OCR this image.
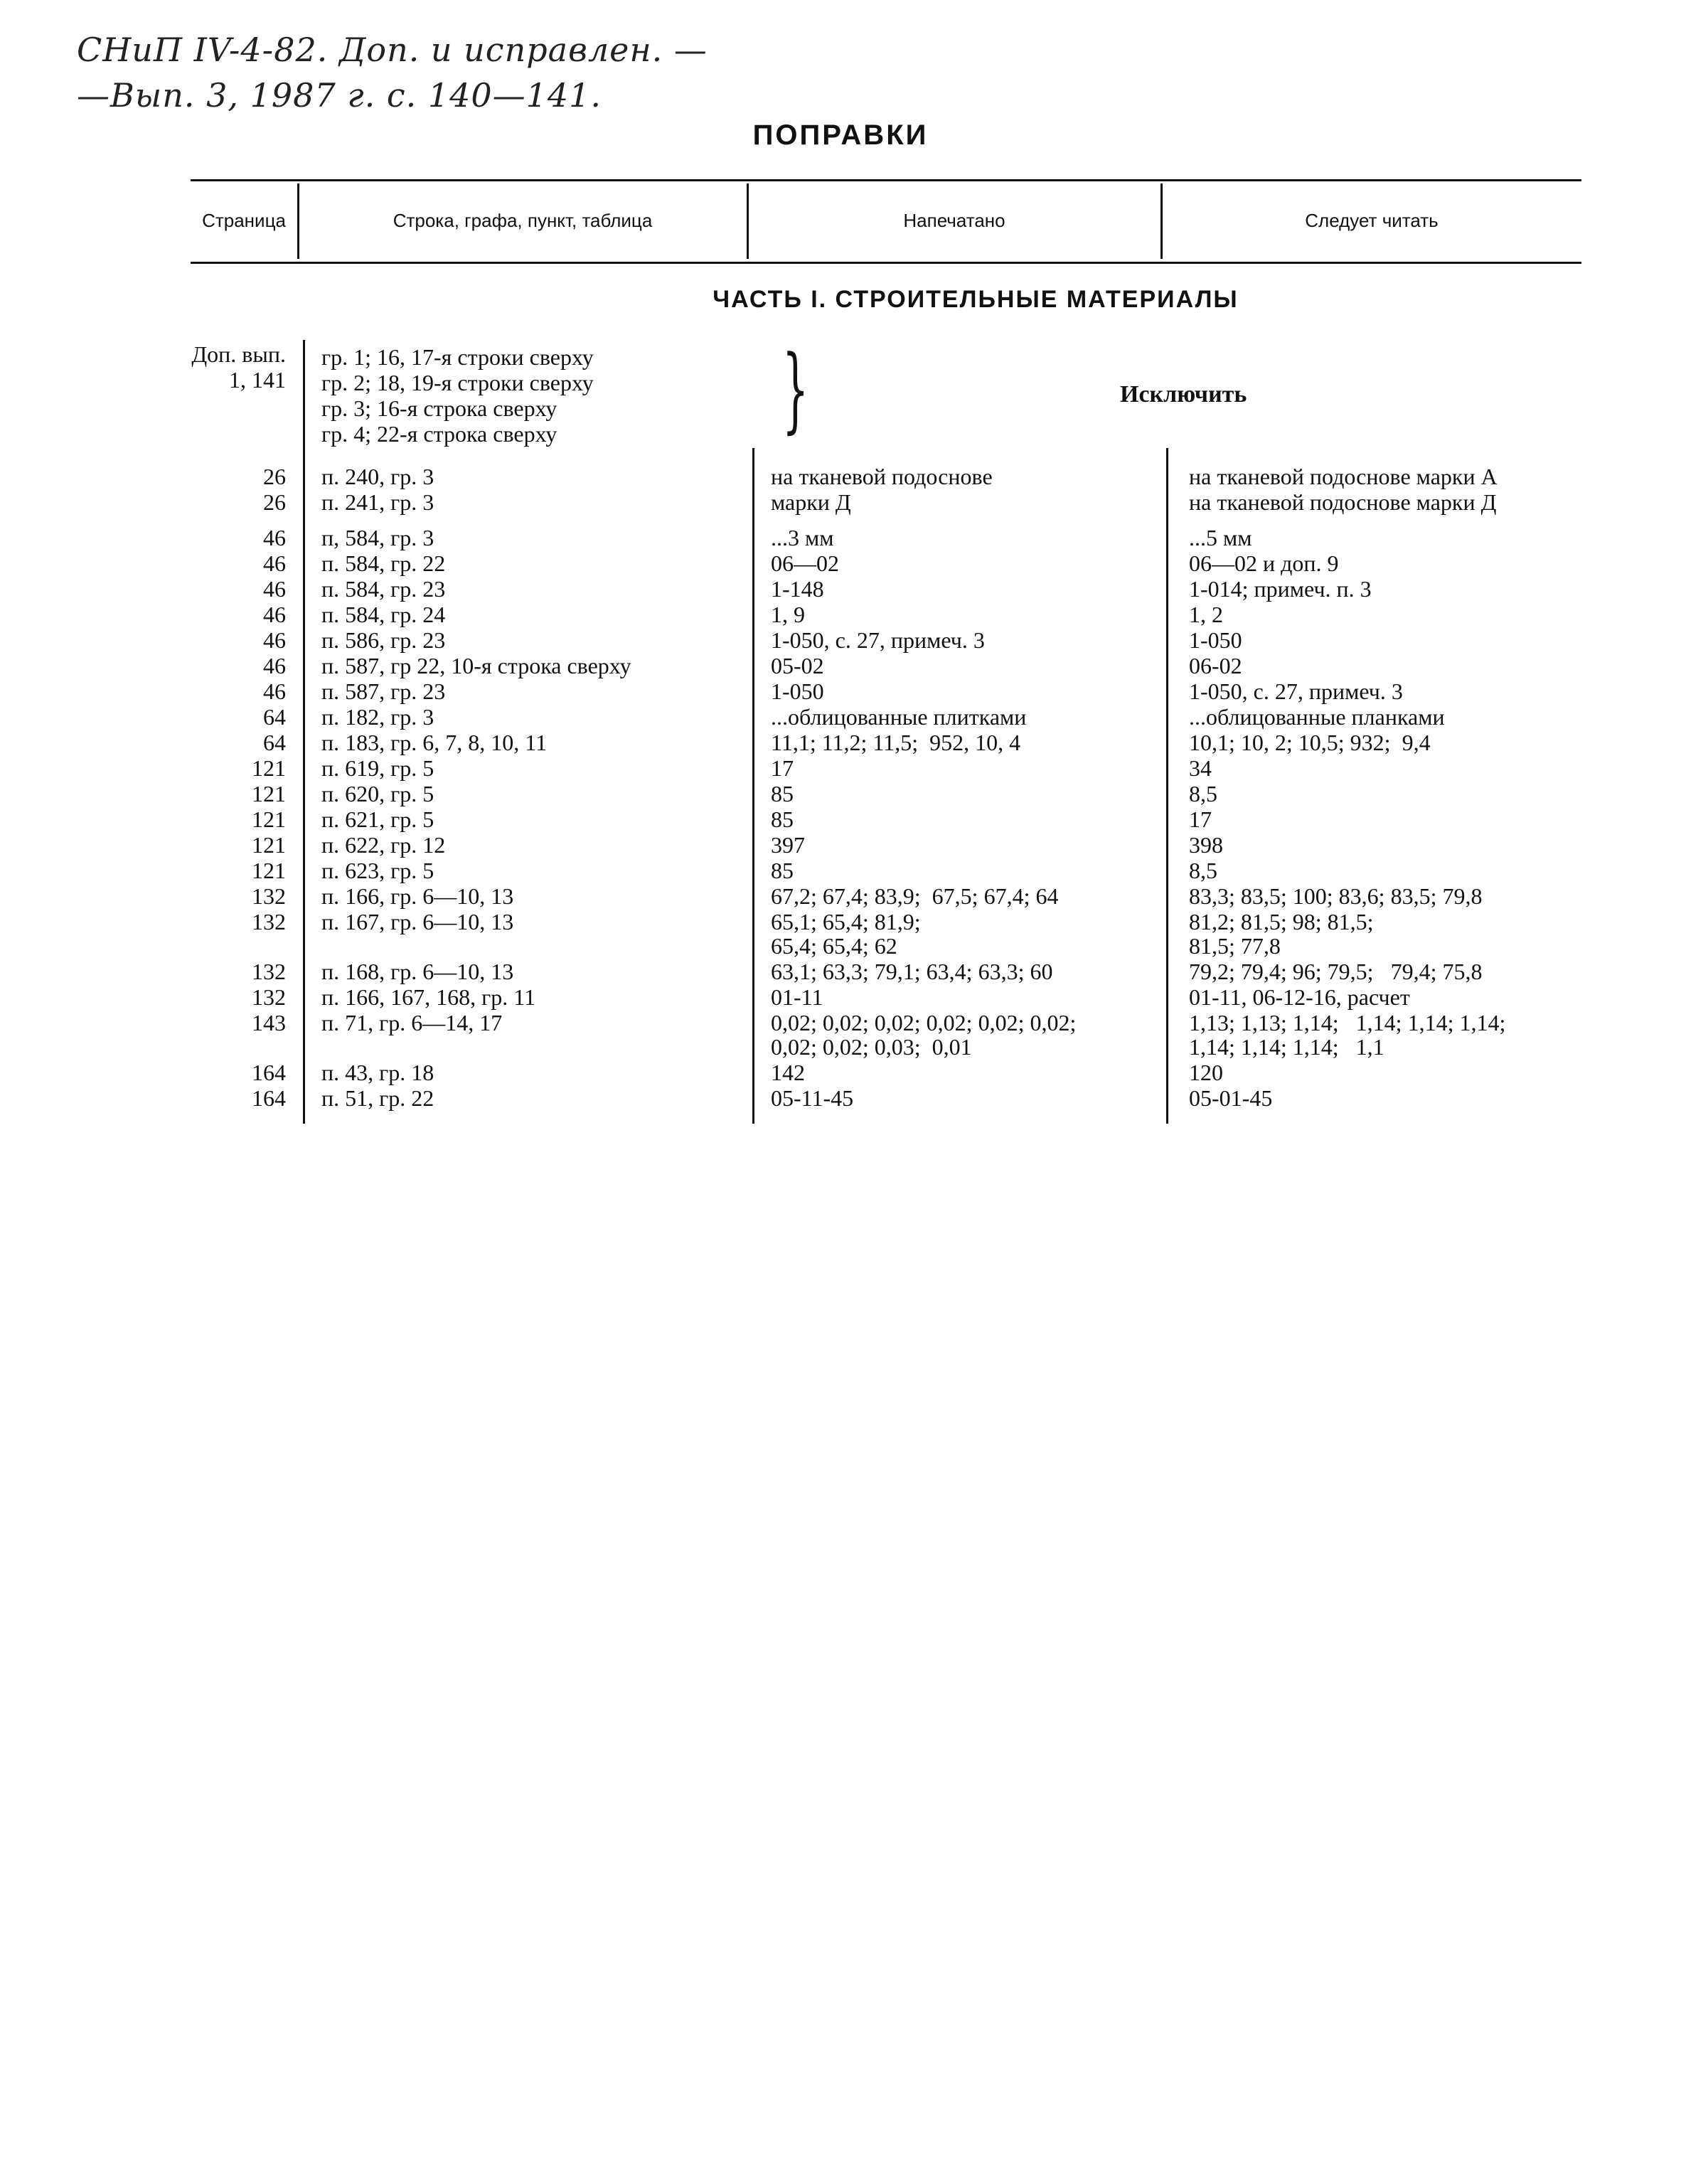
СНиП IV-4-82. Доп. и исправлен. —
—Вып. 3, 1987 г. с. 140—141.
ПОПРАВКИ
Страница	Строка, графа, пункт, таблица	Напечатано	Следует читать
ЧАСТЬ I. СТРОИТЕЛЬНЫЕ МАТЕРИАЛЫ
Доп. вып.
1, 141
гр. 1; 16, 17-я строки сверху
гр. 2; 18, 19-я строки сверху
гр. 3; 16-я строка сверху
гр. 4; 22-я строка сверху }	Исключить
26 п. 240, гр. 3	на тканевой подоснове	на тканевой подоснове марки А
26 п. 241, гр. 3	марки Д	на тканевой подоснове марки Д
46 п, 584, гр. 3	...3 мм	...5 мм
46 п. 584, гр. 22	06—02	06—02 и доп. 9
46 п. 584, гр. 23	1-148	1-014; примеч. п. 3
46 п. 584, гр. 24	1, 9	1, 2
46 п. 586, гр. 23	1-050, с. 27, примеч. 3	1-050
46 п. 587, гр 22, 10-я строка сверху	05-02	06-02
46 п. 587, гр. 23	1-050	1-050, с. 27, примеч. 3
64 п. 182, гр. 3	...облицованные плитками	...облицованные планками
64 п. 183, гр. 6, 7, 8, 10, 11	11,1; 11,2; 11,5;  952, 10, 4	10,1; 10, 2; 10,5; 932;  9,4
121 п. 619, гр. 5	17	34
121 п. 620, гр. 5	85	8,5
121 п. 621, гр. 5	85	17
121 п. 622, гр. 12	397	398
121 п. 623, гр. 5	85	8,5
132 п. 166, гр. 6—10, 13	67,2; 67,4; 83,9;  67,5; 67,4; 64	83,3; 83,5; 100; 83,6; 83,5; 79,8
132 п. 167, гр. 6—10, 13	65,1; 65,4; 81,9;	81,2; 81,5; 98; 81,5;
65,4; 65,4; 62	81,5; 77,8
132 п. 168, гр. 6—10, 13	63,1; 63,3; 79,1; 63,4; 63,3; 60	79,2; 79,4; 96; 79,5;   79,4; 75,8
132 п. 166, 167, 168, гр. 11	01-11	01-11, 06-12-16, расчет
143 п. 71, гр. 6—14, 17	0,02; 0,02; 0,02; 0,02; 0,02; 0,02;	1,13; 1,13; 1,14;   1,14; 1,14; 1,14;
0,02; 0,02; 0,03;  0,01	1,14; 1,14; 1,14;   1,1
164 п. 43, гр. 18	142	120
164 п. 51, гр. 22	05-11-45	05-01-45
